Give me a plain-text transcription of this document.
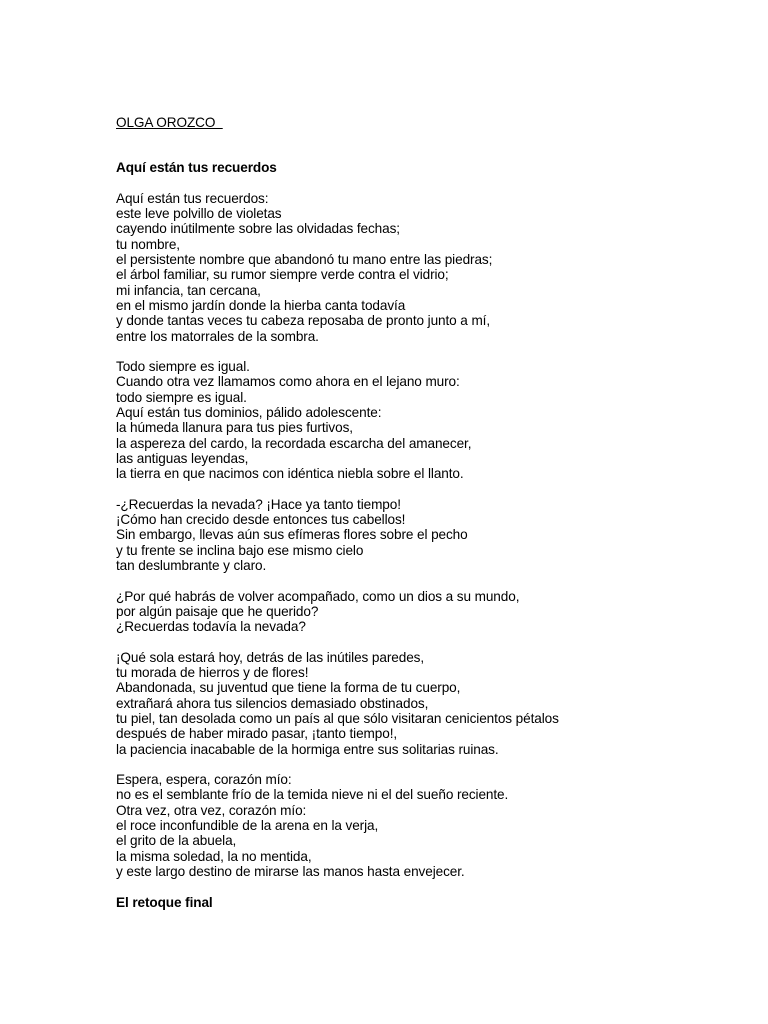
OLGA OROZCO

Aquí están tus recuerdos

Aquí están tus recuerdos:
este leve polvillo de violetas
cayendo inútilmente sobre las olvidadas fechas;
tu nombre,
el persistente nombre que abandonó tu mano entre las piedras;
el árbol familiar, su rumor siempre verde contra el vidrio;
mi infancia, tan cercana,
en el mismo jardín donde la hierba canta todavía
y donde tantas veces tu cabeza reposaba de pronto junto a mí,
entre los matorrales de la sombra.
Todo siempre es igual.
Cuando otra vez llamamos como ahora en el lejano muro:
todo siempre es igual.
Aquí están tus dominios, pálido adolescente:
la húmeda llanura para tus pies furtivos,
la aspereza del cardo, la recordada escarcha del amanecer,
las antiguas leyendas,
la tierra en que nacimos con idéntica niebla sobre el llanto.
-¿Recuerdas la nevada? ¡Hace ya tanto tiempo!
¡Cómo han crecido desde entonces tus cabellos!
Sin embargo, llevas aún sus efímeras flores sobre el pecho
y tu frente se inclina bajo ese mismo cielo
tan deslumbrante y claro.
¿Por qué habrás de volver acompañado, como un dios a su mundo,
por algún paisaje que he querido?
¿Recuerdas todavía la nevada?
¡Qué sola estará hoy, detrás de las inútiles paredes,
tu morada de hierros y de flores!
Abandonada, su juventud que tiene la forma de tu cuerpo,
extrañará ahora tus silencios demasiado obstinados,
tu piel, tan desolada como un país al que sólo visitaran cenicientos pétalos
después de haber mirado pasar, ¡tanto tiempo!,
la paciencia inacabable de la hormiga entre sus solitarias ruinas.
Espera, espera, corazón mío:
no es el semblante frío de la temida nieve ni el del sueño reciente.
Otra vez, otra vez, corazón mío:
el roce inconfundible de la arena en la verja,
el grito de la abuela,
la misma soledad, la no mentida,
y este largo destino de mirarse las manos hasta envejecer.

El retoque final
